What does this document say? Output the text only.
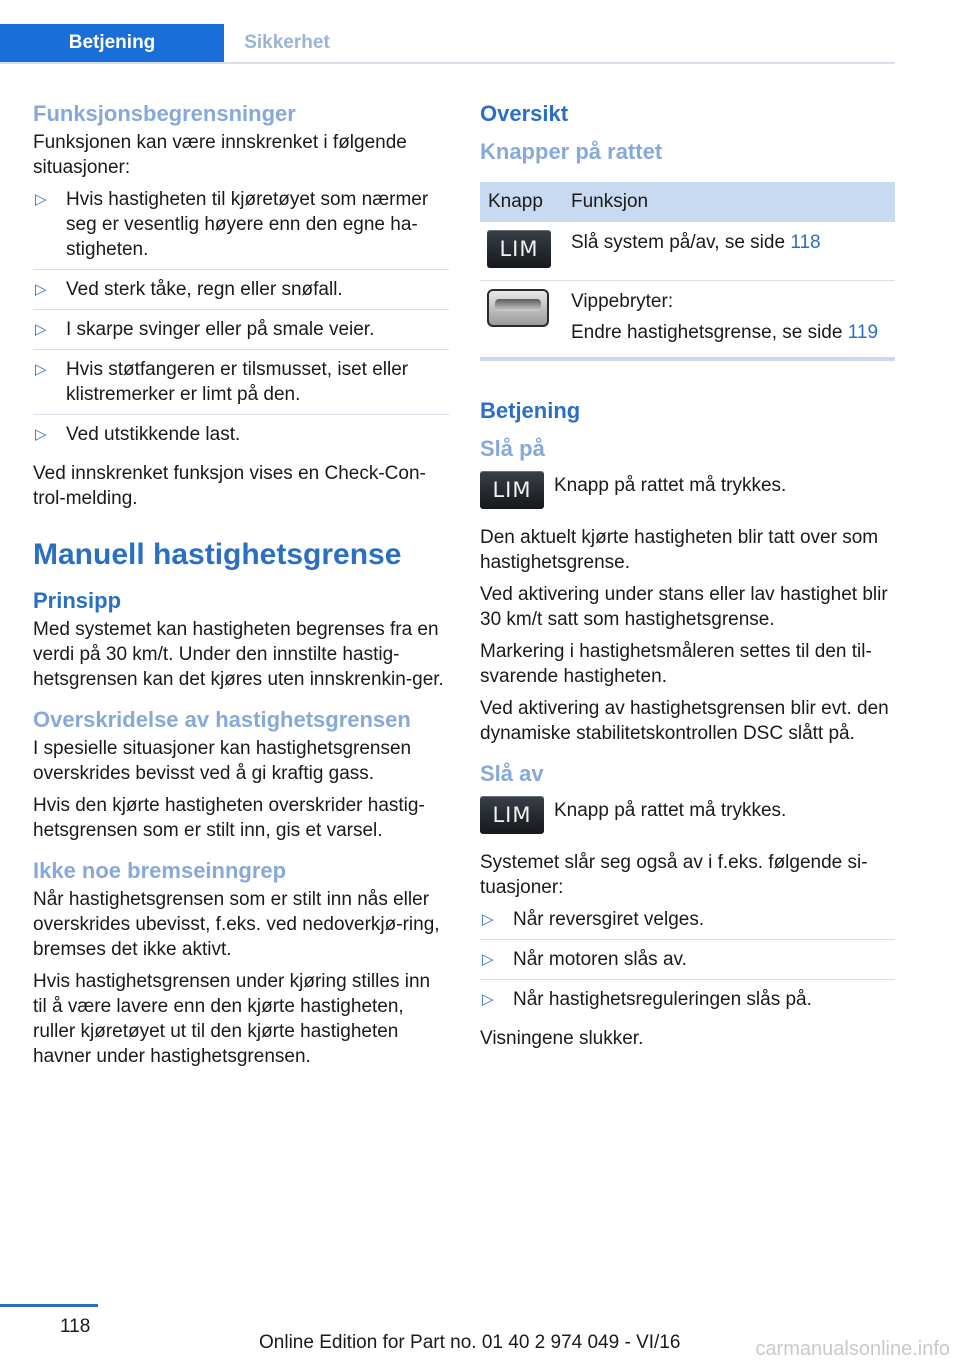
Betjening	Sikkerhet
Funksjonsbegrensninger

Funksjonen kan være innskrenket i følgende situasjoner:

▷ Hvis hastigheten til kjøretøyet som nærmer seg er vesentlig høyere enn den egne ha-stigheten.
▷ Ved sterk tåke, regn eller snøfall.
▷ I skarpe svinger eller på smale veier.
▷ Hvis støtfangeren er tilsmusset, iset eller klistremerker er limt på den.
▷ Ved utstikkende last.

Ved innskrenket funksjon vises en Check-Con-trol-melding.

Manuell hastighetsgrense
Prinsipp

Med systemet kan hastigheten begrenses fra en verdi på 30 km/t. Under den innstilte hastig-hetsgrensen kan det kjøres uten innskrenkin-ger.

Overskridelse av hastighetsgrensen

I spesielle situasjoner kan hastighetsgrensen overskrides bevisst ved å gi kraftig gass.

Hvis den kjørte hastigheten overskrider hastig-hetsgrensen som er stilt inn, gis et varsel.

Ikke noe bremseinngrep

Når hastighetsgrensen som er stilt inn nås eller overskrides ubevisst, f.eks. ved nedoverkjø-ring, bremses det ikke aktivt.

Hvis hastighetsgrensen under kjøring stilles inn til å være lavere enn den kjørte hastigheten, ruller kjøretøyet ut til den kjørte hastigheten havner under hastighetsgrensen.

Oversikt
Knapper på rattet
Knapp	Funksjon

LIM	Slå system på/av, se side 118

	Vippebryter:

Endre hastighetsgrense, se side 119

Betjening
Slå på
LIM	Knapp på rattet må trykkes.

Den aktuelt kjørte hastigheten blir tatt over som hastighetsgrense.

Ved aktivering under stans eller lav hastighet blir 30 km/t satt som hastighetsgrense.

Markering i hastighetsmåleren settes til den til-svarende hastigheten.

Ved aktivering av hastighetsgrensen blir evt. den dynamiske stabilitetskontrollen DSC slått på.

Slå av
LIM	Knapp på rattet må trykkes.

Systemet slår seg også av i f.eks. følgende si-tuasjoner:

▷ Når reversgiret velges.
▷ Når motoren slås av.
▷ Når hastighetsreguleringen slås på.

Visningene slukker.

118
Online Edition for Part no. 01 40 2 974 049 - VI/16	carmanualsonline.info
